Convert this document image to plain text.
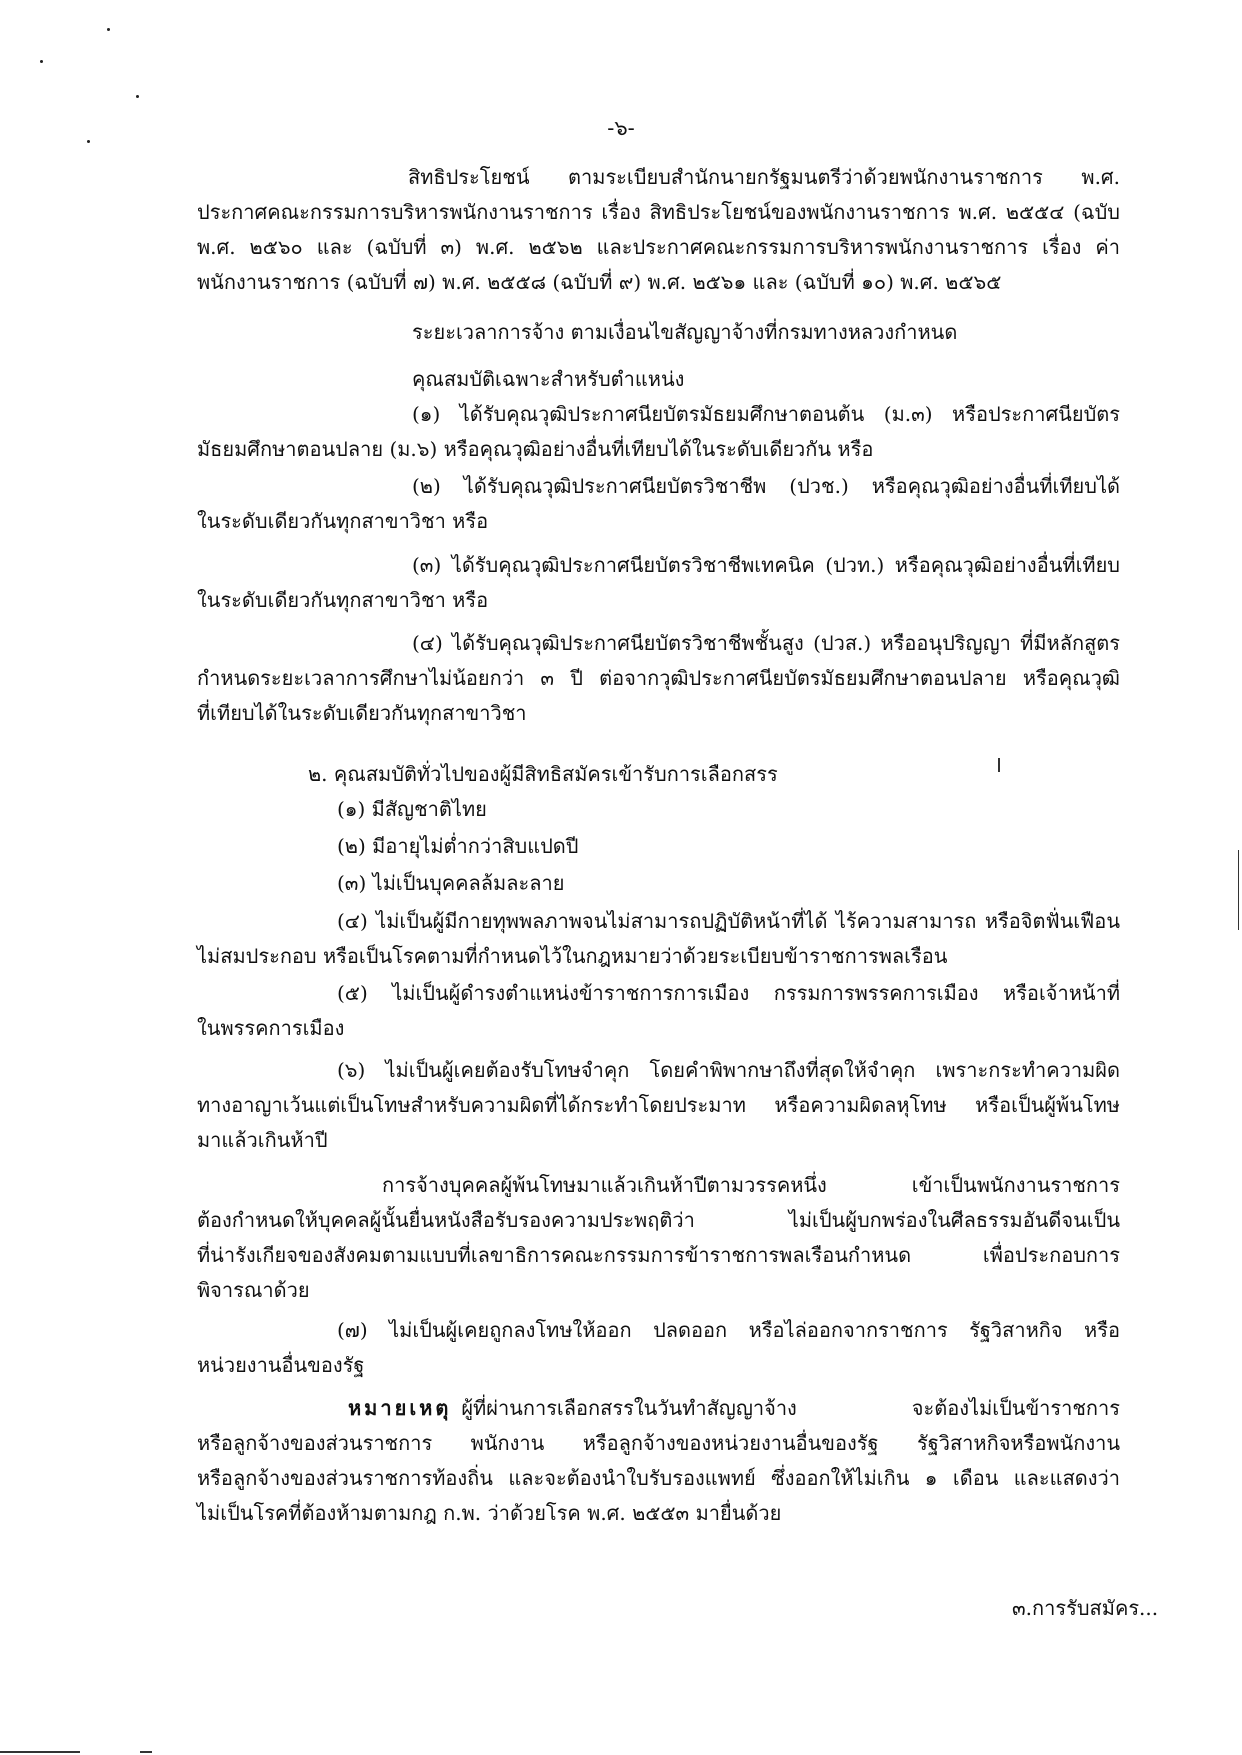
-๖-
สิทธิประโยชน์ ตามระเบียบสำนักนายกรัฐมนตรีว่าด้วยพนักงานราชการ พ.ศ.
ประกาศคณะกรรมการบริหารพนักงานราชการ เรื่อง สิทธิประโยชน์ของพนักงานราชการ พ.ศ. ๒๕๕๔ (ฉบับ
พ.ศ. ๒๕๖๐ และ (ฉบับที่ ๓) พ.ศ. ๒๕๖๒ และประกาศคณะกรรมการบริหารพนักงานราชการ เรื่อง ค่า
พนักงานราชการ (ฉบับที่ ๗) พ.ศ. ๒๕๕๘ (ฉบับที่ ๙) พ.ศ. ๒๕๖๑ และ (ฉบับที่ ๑๐) พ.ศ. ๒๕๖๕
ระยะเวลาการจ้าง ตามเงื่อนไขสัญญาจ้างที่กรมทางหลวงกำหนด
คุณสมบัติเฉพาะสำหรับตำแหน่ง
(๑) ได้รับคุณวุฒิประกาศนียบัตรมัธยมศึกษาตอนต้น (ม.๓) หรือประกาศนียบัตร
มัธยมศึกษาตอนปลาย (ม.๖) หรือคุณวุฒิอย่างอื่นที่เทียบได้ในระดับเดียวกัน หรือ
(๒) ได้รับคุณวุฒิประกาศนียบัตรวิชาชีพ (ปวช.) หรือคุณวุฒิอย่างอื่นที่เทียบได้
ในระดับเดียวกันทุกสาขาวิชา หรือ
(๓) ได้รับคุณวุฒิประกาศนียบัตรวิชาชีพเทคนิค (ปวท.) หรือคุณวุฒิอย่างอื่นที่เทียบ
ในระดับเดียวกันทุกสาขาวิชา หรือ
(๔) ได้รับคุณวุฒิประกาศนียบัตรวิชาชีพชั้นสูง (ปวส.) หรืออนุปริญญา ที่มีหลักสูตร
กำหนดระยะเวลาการศึกษาไม่น้อยกว่า ๓ ปี ต่อจากวุฒิประกาศนียบัตรมัธยมศึกษาตอนปลาย หรือคุณวุฒิ
ที่เทียบได้ในระดับเดียวกันทุกสาขาวิชา
๒. คุณสมบัติทั่วไปของผู้มีสิทธิสมัครเข้ารับการเลือกสรร
(๑) มีสัญชาติไทย
(๒) มีอายุไม่ต่ำกว่าสิบแปดปี
(๓) ไม่เป็นบุคคลล้มละลาย
(๔) ไม่เป็นผู้มีกายทุพพลภาพจนไม่สามารถปฏิบัติหน้าที่ได้ ไร้ความสามารถ หรือจิตฟั่นเฟือน
ไม่สมประกอบ หรือเป็นโรคตามที่กำหนดไว้ในกฎหมายว่าด้วยระเบียบข้าราชการพลเรือน
(๕) ไม่เป็นผู้ดำรงตำแหน่งข้าราชการการเมือง กรรมการพรรคการเมือง หรือเจ้าหน้าที่
ในพรรคการเมือง
(๖) ไม่เป็นผู้เคยต้องรับโทษจำคุก โดยคำพิพากษาถึงที่สุดให้จำคุก เพราะกระทำความผิด
ทางอาญาเว้นแต่เป็นโทษสำหรับความผิดที่ได้กระทำโดยประมาท หรือความผิดลหุโทษ หรือเป็นผู้พ้นโทษ
มาแล้วเกินห้าปี
การจ้างบุคคลผู้พ้นโทษมาแล้วเกินห้าปีตามวรรคหนึ่ง เข้าเป็นพนักงานราชการ
ต้องกำหนดให้บุคคลผู้นั้นยื่นหนังสือรับรองความประพฤติว่า ไม่เป็นผู้บกพร่องในศีลธรรมอันดีจนเป็น
ที่น่ารังเกียจของสังคมตามแบบที่เลขาธิการคณะกรรมการข้าราชการพลเรือนกำหนด เพื่อประกอบการ
พิจารณาด้วย
(๗) ไม่เป็นผู้เคยถูกลงโทษให้ออก ปลดออก หรือไล่ออกจากราชการ รัฐวิสาหกิจ หรือ
หน่วยงานอื่นของรัฐ
หมายเหตุ ผู้ที่ผ่านการเลือกสรรในวันทำสัญญาจ้าง จะต้องไม่เป็นข้าราชการ
หรือลูกจ้างของส่วนราชการ พนักงาน หรือลูกจ้างของหน่วยงานอื่นของรัฐ รัฐวิสาหกิจหรือพนักงาน
หรือลูกจ้างของส่วนราชการท้องถิ่น และจะต้องนำใบรับรองแพทย์ ซึ่งออกให้ไม่เกิน ๑ เดือน และแสดงว่า
ไม่เป็นโรคที่ต้องห้ามตามกฎ ก.พ. ว่าด้วยโรค พ.ศ. ๒๕๕๓ มายื่นด้วย
๓.การรับสมัคร...
